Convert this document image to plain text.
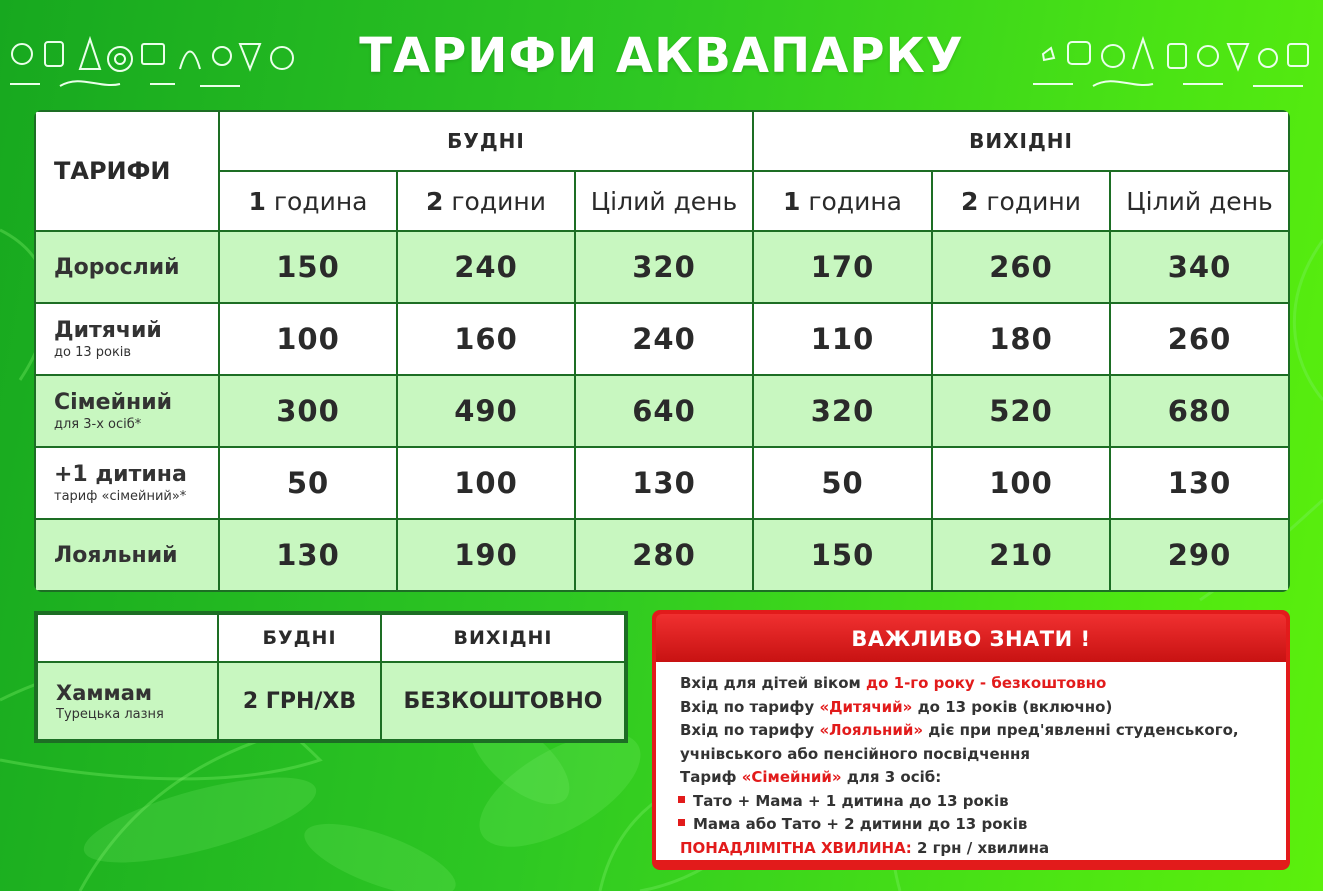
ТАРИФИ АКВАПАРКУ
ТАРИФИ	БУДНІ			ВИХІДНІ		
	1 година	2 години	Цілий день	1 година	2 години	Цілий день

Дорослий	150	240	320	170	260	340

Дитячий
до 13 років	100	160	240	110	180	260

Сімейний
для 3-х осіб*	300	490	640	320	520	680

+1 дитина
тариф «сімейний»*	50	100	130	50	100	130

Лояльний	130	190	280	150	210	290
	БУДНІ	ВИХІДНІ

Хаммам
Турецька лазня	2 ГРН/ХВ	БЕЗКОШТОВНО
ВАЖЛИВО ЗНАТИ !
Вхід для дітей віком до 1-го року - безкоштовно
Вхід по тарифу «Дитячий» до 13 років (включно)
Вхід по тарифу «Лояльний» діє при пред'явленні студенського,
учнівського або пенсійного посвідчення
Тариф «Сімейний» для 3 осіб:
Тато + Мама + 1 дитина до 13 років
Мама або Тато + 2 дитини до 13 років
ПОНАДЛІМІТНА ХВИЛИНА: 2 грн / хвилина
